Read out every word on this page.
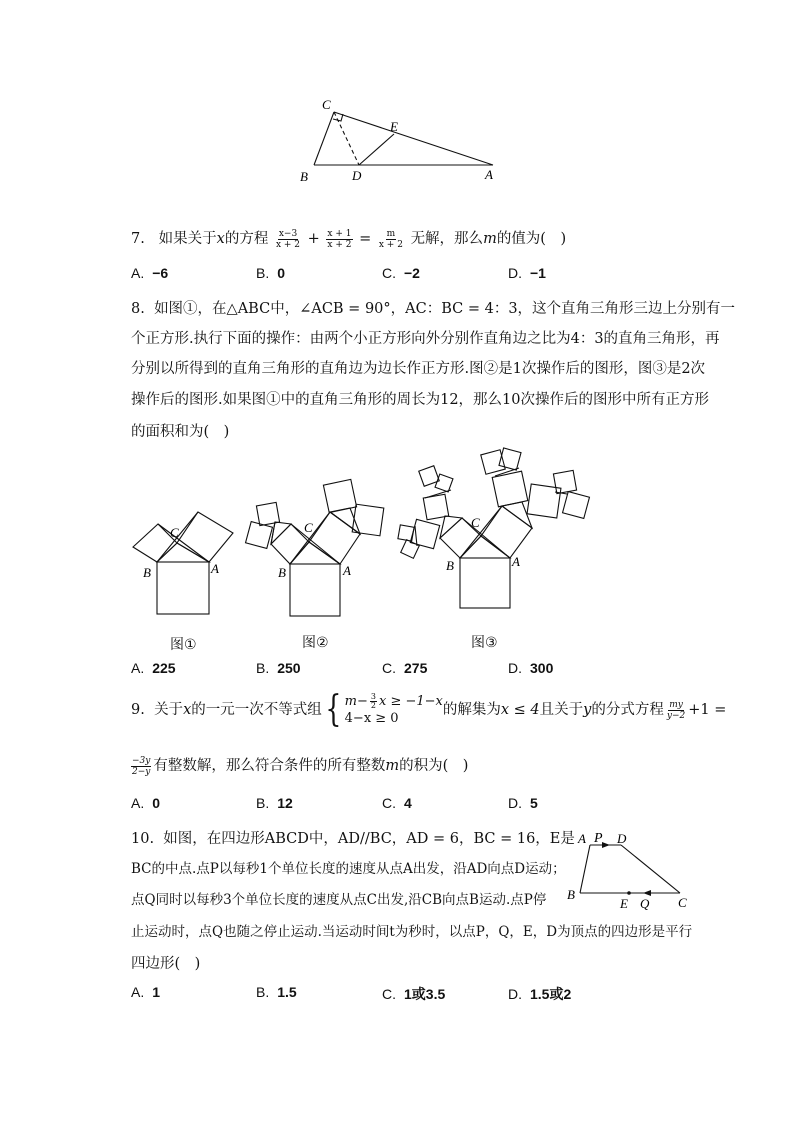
C
E
B	D	A
7. 如果关于x的方程 $\frac{x-3}{x + 2} + \frac{x + 1}{x + 2} = \frac{m}{x + 2}$ 无解，那么m的值为(　)
A. −6	B. 0	C. −2	D. −1
8. 如图①，在△ABC中，∠ACB = 90°，AC：BC = 4：3，这个直角三角形三边上分别有一
个正方形.执行下面的操作：由两个小正方形向外分别作直角边之比为4：3的直角三角形，再
分别以所得到的直角三角形的直角边为边长作正方形.图②是1次操作后的图形，图③是2次
操作后的图形.如果图①中的直角三角形的周长为12，那么10次操作后的图形中所有正方形
的面积和为(　)
C
B	A
C
B	A
C
B	A
图①	图②	图③
A. 225	B. 250	C. 275	D. 300
9. 关于x的一元一次不等式组 { $m- \frac{3}{2}$ x ≥ −1−x
4−x ≥ 0
的解集为x ≤ 4且关于y的分式方程 $\frac{my}{y-2} +1$ =
$\frac{-3y}{2-y}$ 有整数解，那么符合条件的所有整数m的积为(　)
A. 0	B. 12	C. 4	D. 5
10. 如图，在四边形ABCD中，AD//BC，AD = 6，BC = 16，E是
BC的中点.点P以每秒1个单位长度的速度从点A出发，沿AD向点D运动；
点Q同时以每秒3个单位长度的速度从点C出发,沿CB向点B运动.点P停
止运动时，点Q也随之停止运动.当运动时间t为秒时，以点P，Q，E，D为顶点的四边形是平行
四边形(　)
A P D
B
E Q C
A. 1	B. 1.5	C. 1或3.5	D. 1.5或2
